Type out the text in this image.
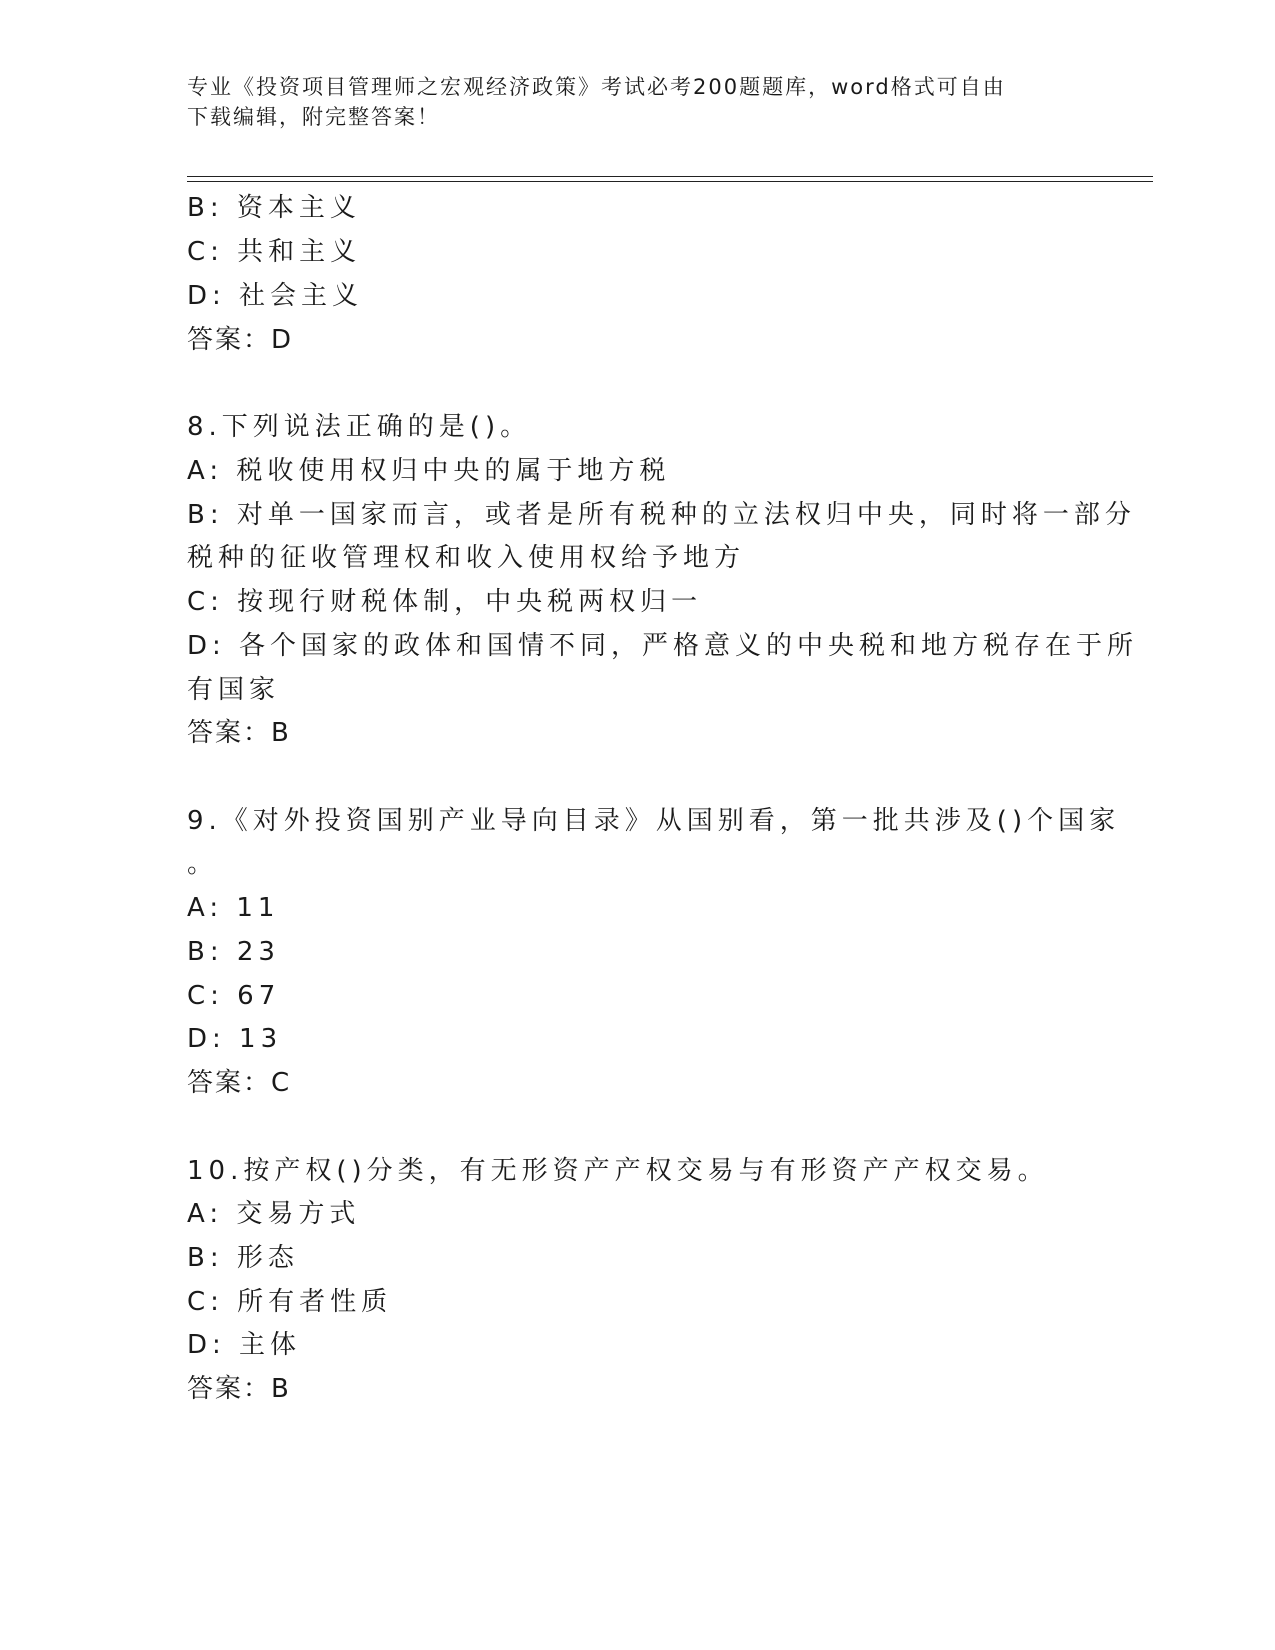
专业《投资项目管理师之宏观经济政策》考试必考200题题库，word格式可自由
下载编辑，附完整答案！
B: 资本主义
C: 共和主义
D: 社会主义
答案：D
8.下列说法正确的是()。
A: 税收使用权归中央的属于地方税
B: 对单一国家而言，或者是所有税种的立法权归中央，同时将一部分
税种的征收管理权和收入使用权给予地方
C: 按现行财税体制，中央税两权归一
D: 各个国家的政体和国情不同，严格意义的中央税和地方税存在于所
有国家
答案：B
9.《对外投资国别产业导向目录》从国别看，第一批共涉及()个国家
。
A: 11
B: 23
C: 67
D: 13
答案：C
10.按产权()分类，有无形资产产权交易与有形资产产权交易。
A: 交易方式
B: 形态
C: 所有者性质
D: 主体
答案：B
